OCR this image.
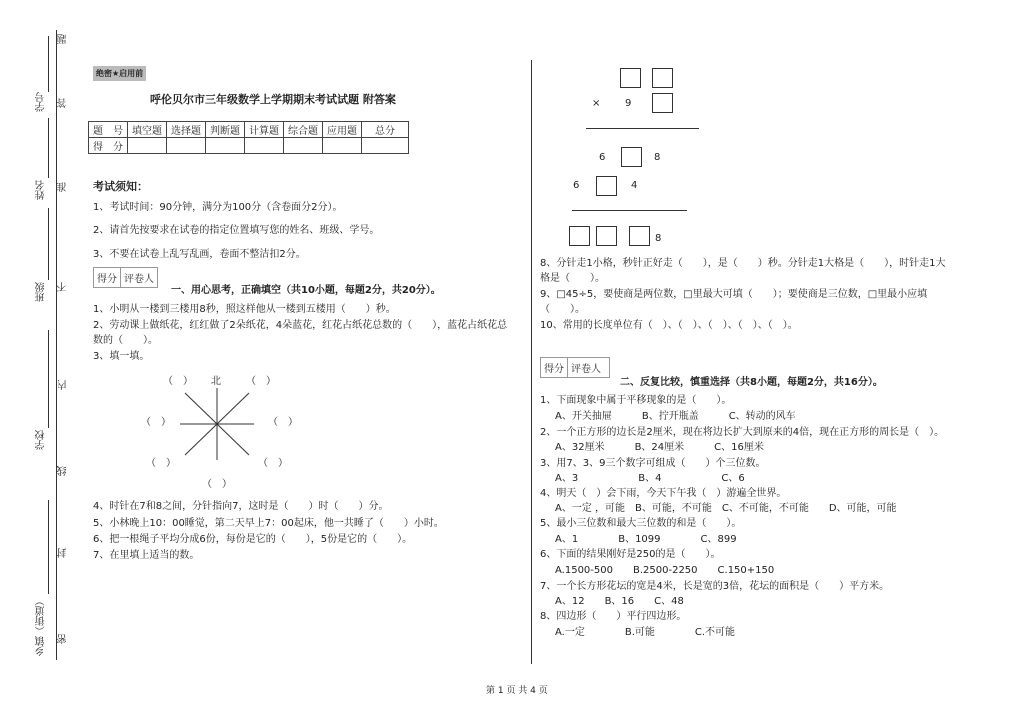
学号
姓名
班级
学校
乡镇（街道）
题
答
准
不
内
线
封
密
绝密★启用前
呼伦贝尔市三年级数学上学期期末考试试题 附答案
题　号	填空题	选择题	判断题	计算题	综合题	应用题	总分
得　分							
考试须知：
1、考试时间：90分钟，满分为100分（含卷面分2分）。
2、请首先按要求在试卷的指定位置填写您的姓名、班级、学号。
3、不要在试卷上乱写乱画，卷面不整洁扣2分。
得分 评卷人
一、用心思考，正确填空（共10小题，每题2分，共20分）。
1、小明从一楼到三楼用8秒，照这样他从一楼到五楼用（　　）秒。
2、劳动课上做纸花，红红做了2朵纸花，4朵蓝花，红花占纸花总数的（　　），蓝花占纸花总
数的（　　）。
3、填一填。
（　） 北	（　）
（　）	（　）
（　）	（　）
（　）
4、时针在7和8之间，分针指向7，这时是（　　）时（　　）分。
5、小林晚上10：00睡觉，第二天早上7：00起床，他一共睡了（　　）小时。
6、把一根绳子平均分成6份，每份是它的（　　），5份是它的（　　）。
7、在里填上适当的数。
× 9
6	8
6	4
8
8、分针走1小格，秒针正好走（　　），是（　　）秒。分针走1大格是（　　），时针走1大
格是（　　）。
9、□45÷5，要使商是两位数，□里最大可填（　　）；要使商是三位数，□里最小应填
（　　）。
10、常用的长度单位有（　）、（　）、（　）、（　）、（　）。
得分 评卷人
二、反复比较，慎重选择（共8小题，每题2分，共16分）。
1、下面现象中属于平移现象的是（　　）。
A、开关抽屉　　　B、拧开瓶盖　　　C、转动的风车
2、一个正方形的边长是2厘米，现在将边长扩大到原来的4倍，现在正方形的周长是（　）。
A、32厘米　　　B、24厘米　　　C、16厘米
3、用7、3、9三个数字可组成（　　）个三位数。
A、3　　　　　　B、4　　　　　　C、6
4、明天（　）会下雨，今天下午我（　）游遍全世界。
A、一定 ，可能　B、可能，不可能　C、不可能，不可能　　D、可能，可能
5、最小三位数和最大三位数的和是（　　）。
A、1　　　　B、1099　　　　C、899
6、下面的结果刚好是250的是（　　）。
A.1500-500　　B.2500-2250　　C.150+150
7、一个长方形花坛的宽是4米，长是宽的3倍，花坛的面积是（　　）平方米。
A、12　　B、16　　C、48
8、四边形（　　）平行四边形。
A.一定　　　　B.可能　　　　C.不可能
第 1 页 共 4 页
